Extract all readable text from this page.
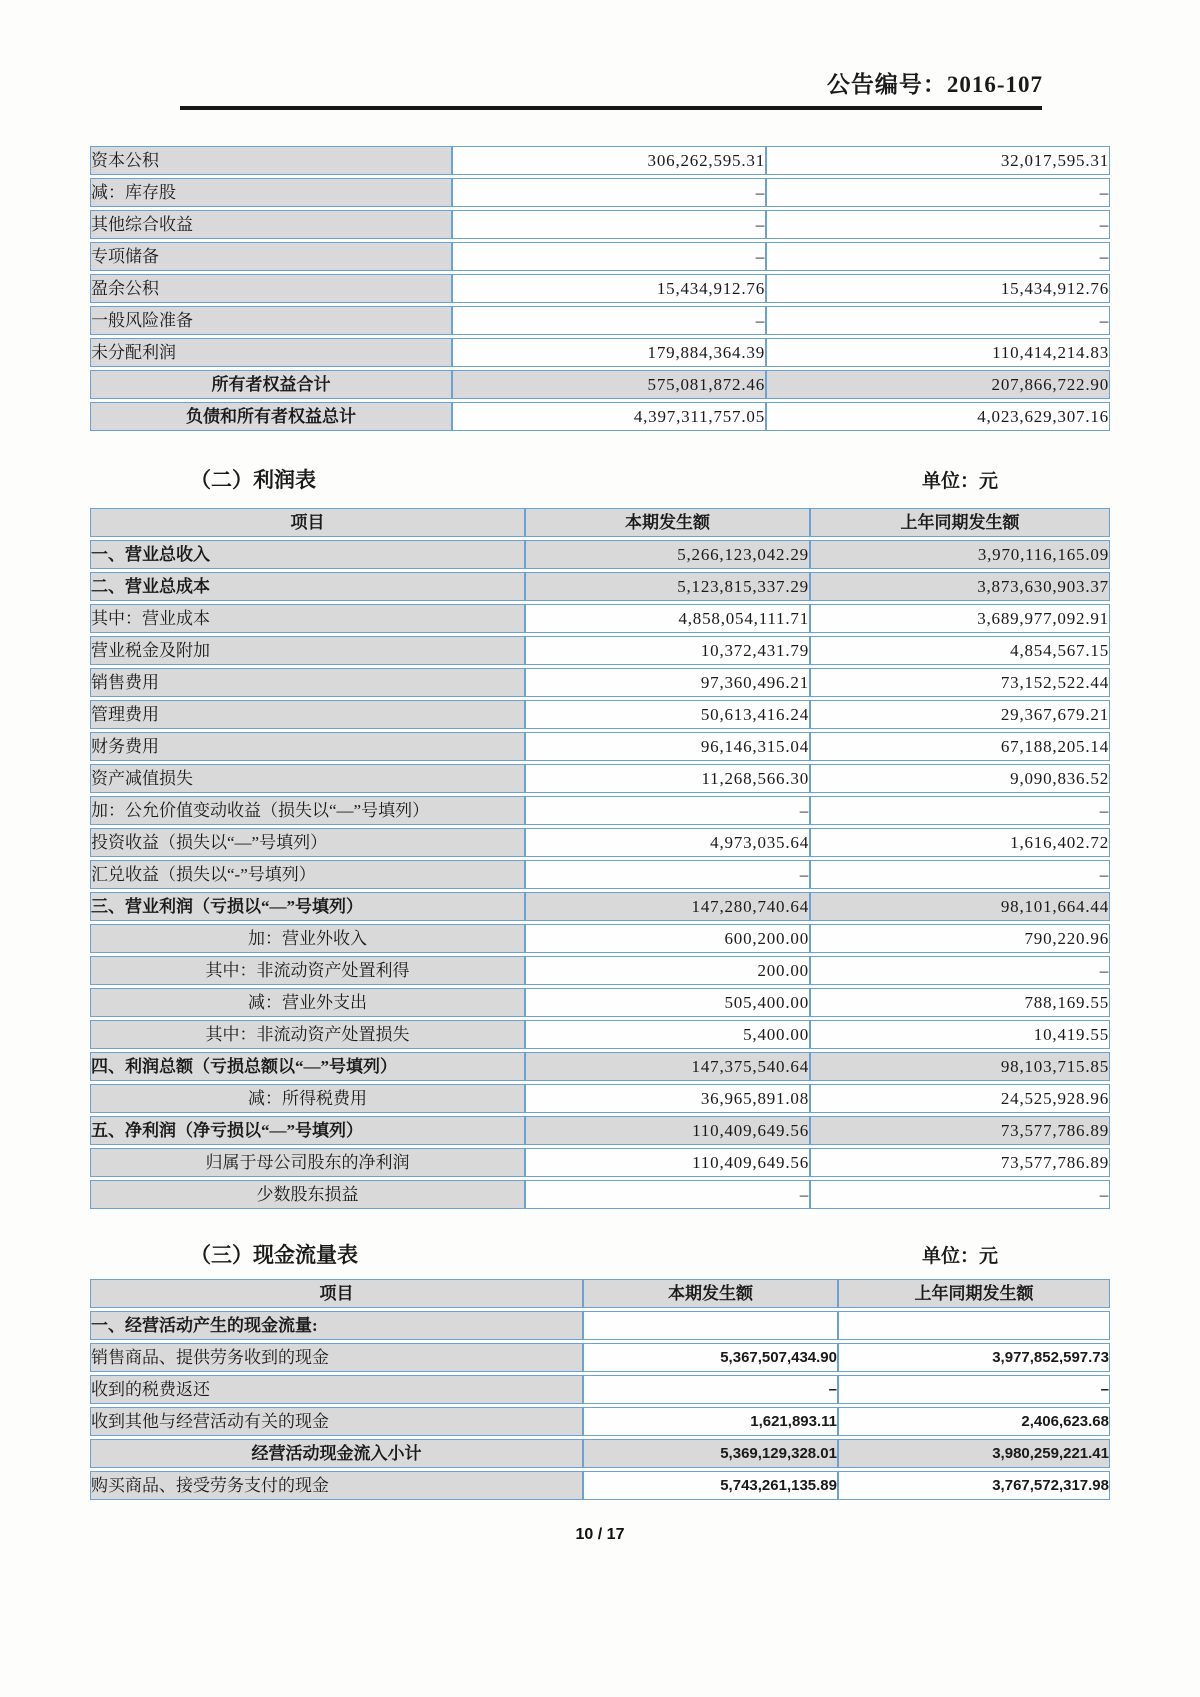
公告编号：2016-107
资本公积	306,262,595.31	32,017,595.31
减：库存股	–	–
其他综合收益	–	–
专项储备	–	–
盈余公积	15,434,912.76	15,434,912.76
一般风险准备	–	–
未分配利润	179,884,364.39	110,414,214.83
所有者权益合计	575,081,872.46	207,866,722.90
负债和所有者权益总计	4,397,311,757.05	4,023,629,307.16
（二）利润表	单位：元
项目	本期发生额	上年同期发生额
一、营业总收入	5,266,123,042.29	3,970,116,165.09
二、营业总成本	5,123,815,337.29	3,873,630,903.37
其中：营业成本	4,858,054,111.71	3,689,977,092.91
营业税金及附加	10,372,431.79	4,854,567.15
销售费用	97,360,496.21	73,152,522.44
管理费用	50,613,416.24	29,367,679.21
财务费用	96,146,315.04	67,188,205.14
资产减值损失	11,268,566.30	9,090,836.52
加：公允价值变动收益（损失以“—”号填列）	–	–
投资收益（损失以“—”号填列）	4,973,035.64	1,616,402.72
汇兑收益（损失以“-”号填列）	–	–
三、营业利润（亏损以“—”号填列）	147,280,740.64	98,101,664.44
加：营业外收入	600,200.00	790,220.96
其中：非流动资产处置利得	200.00	–
减：营业外支出	505,400.00	788,169.55
其中：非流动资产处置损失	5,400.00	10,419.55
四、利润总额（亏损总额以“—”号填列）	147,375,540.64	98,103,715.85
减：所得税费用	36,965,891.08	24,525,928.96
五、净利润（净亏损以“—”号填列）	110,409,649.56	73,577,786.89
归属于母公司股东的净利润	110,409,649.56	73,577,786.89
少数股东损益	–	–
（三）现金流量表	单位：元
项目	本期发生额	上年同期发生额
一、经营活动产生的现金流量:		
销售商品、提供劳务收到的现金	5,367,507,434.90	3,977,852,597.73
收到的税费返还	–	–
收到其他与经营活动有关的现金	1,621,893.11	2,406,623.68
经营活动现金流入小计	5,369,129,328.01	3,980,259,221.41
购买商品、接受劳务支付的现金	5,743,261,135.89	3,767,572,317.98
10 / 17
